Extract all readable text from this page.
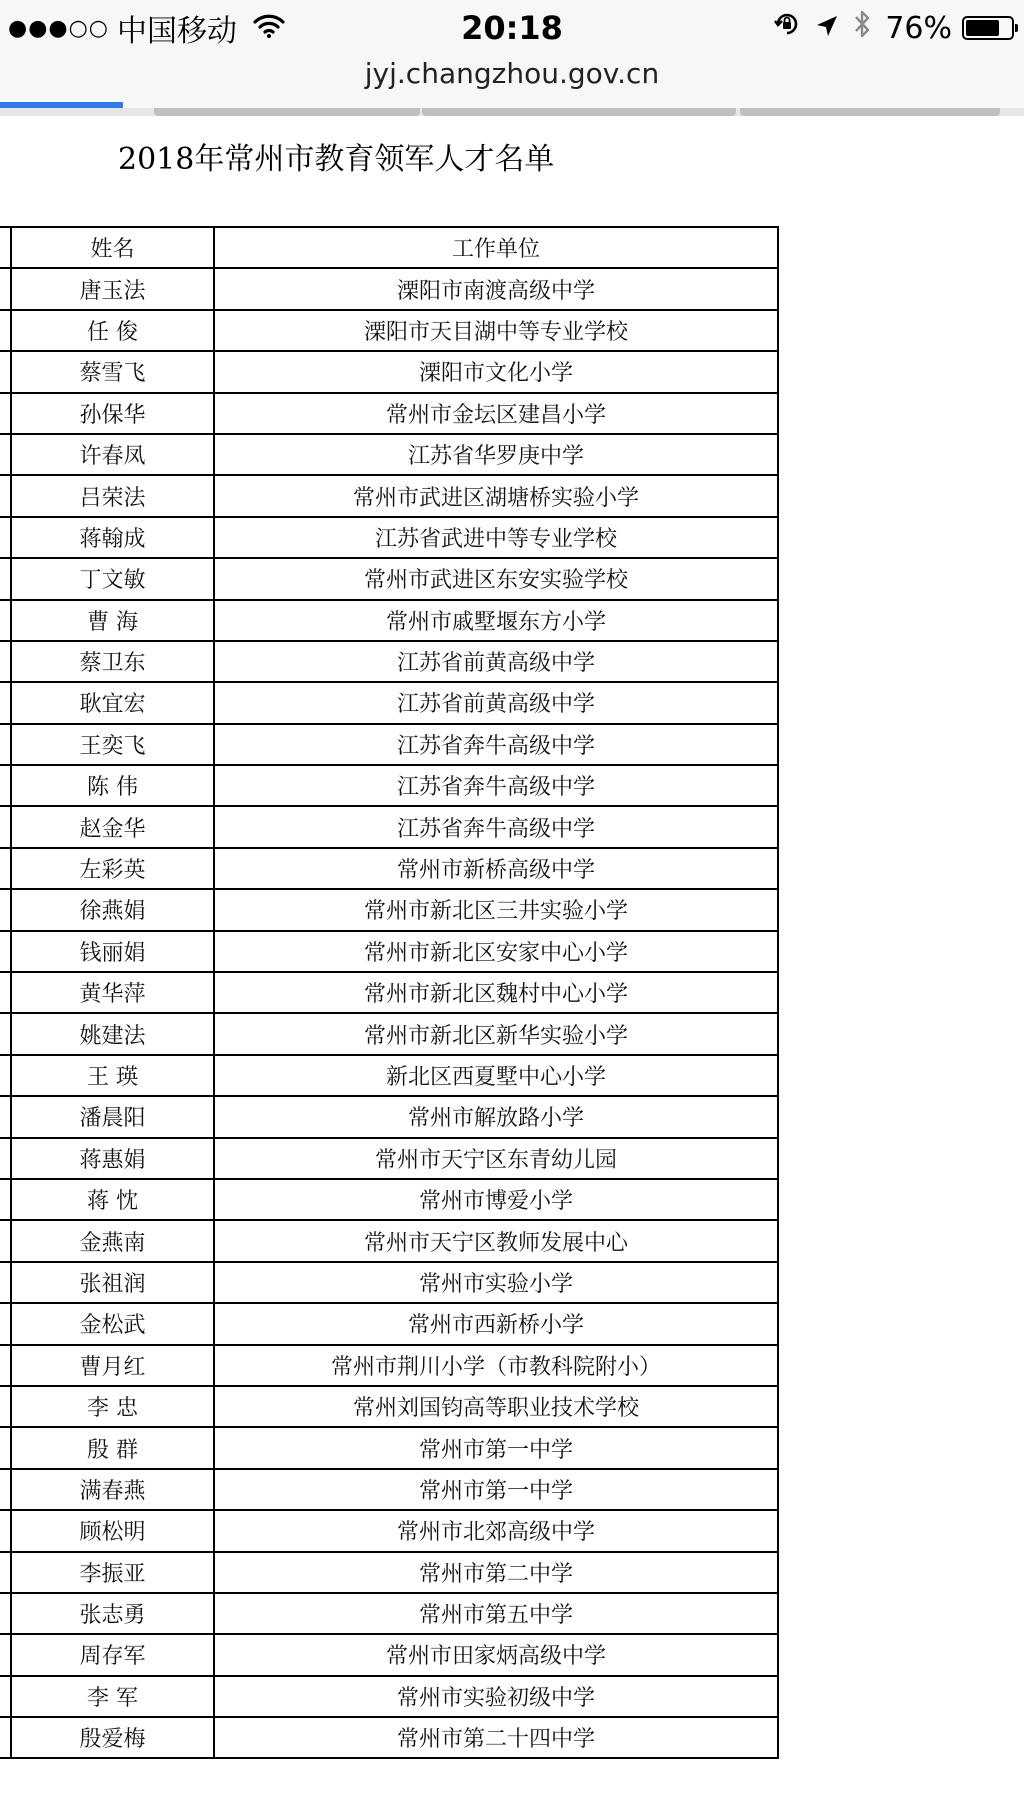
●●●○○ 中国移动	20:18	76%
jyj.changzhou.gov.cn
2018年常州市教育领军人才名单
	姓名	工作单位
	唐玉法	溧阳市南渡高级中学
	任 俊	溧阳市天目湖中等专业学校
	蔡雪飞	溧阳市文化小学
	孙保华	常州市金坛区建昌小学
	许春凤	江苏省华罗庚中学
	吕荣法	常州市武进区湖塘桥实验小学
	蒋翰成	江苏省武进中等专业学校
	丁文敏	常州市武进区东安实验学校
	曹 海	常州市戚墅堰东方小学
	蔡卫东	江苏省前黄高级中学
	耿宜宏	江苏省前黄高级中学
	王奕飞	江苏省奔牛高级中学
	陈 伟	江苏省奔牛高级中学
	赵金华	江苏省奔牛高级中学
	左彩英	常州市新桥高级中学
	徐燕娟	常州市新北区三井实验小学
	钱丽娟	常州市新北区安家中心小学
	黄华萍	常州市新北区魏村中心小学
	姚建法	常州市新北区新华实验小学
	王 瑛	新北区西夏墅中心小学
	潘晨阳	常州市解放路小学
	蒋惠娟	常州市天宁区东青幼儿园
	蒋 忱	常州市博爱小学
	金燕南	常州市天宁区教师发展中心
	张祖润	常州市实验小学
	金松武	常州市西新桥小学
	曹月红	常州市荆川小学（市教科院附小）
	李 忠	常州刘国钧高等职业技术学校
	殷 群	常州市第一中学
	满春燕	常州市第一中学
	顾松明	常州市北郊高级中学
	李振亚	常州市第二中学
	张志勇	常州市第五中学
	周存军	常州市田家炳高级中学
	李 军	常州市实验初级中学
	殷爱梅	常州市第二十四中学
